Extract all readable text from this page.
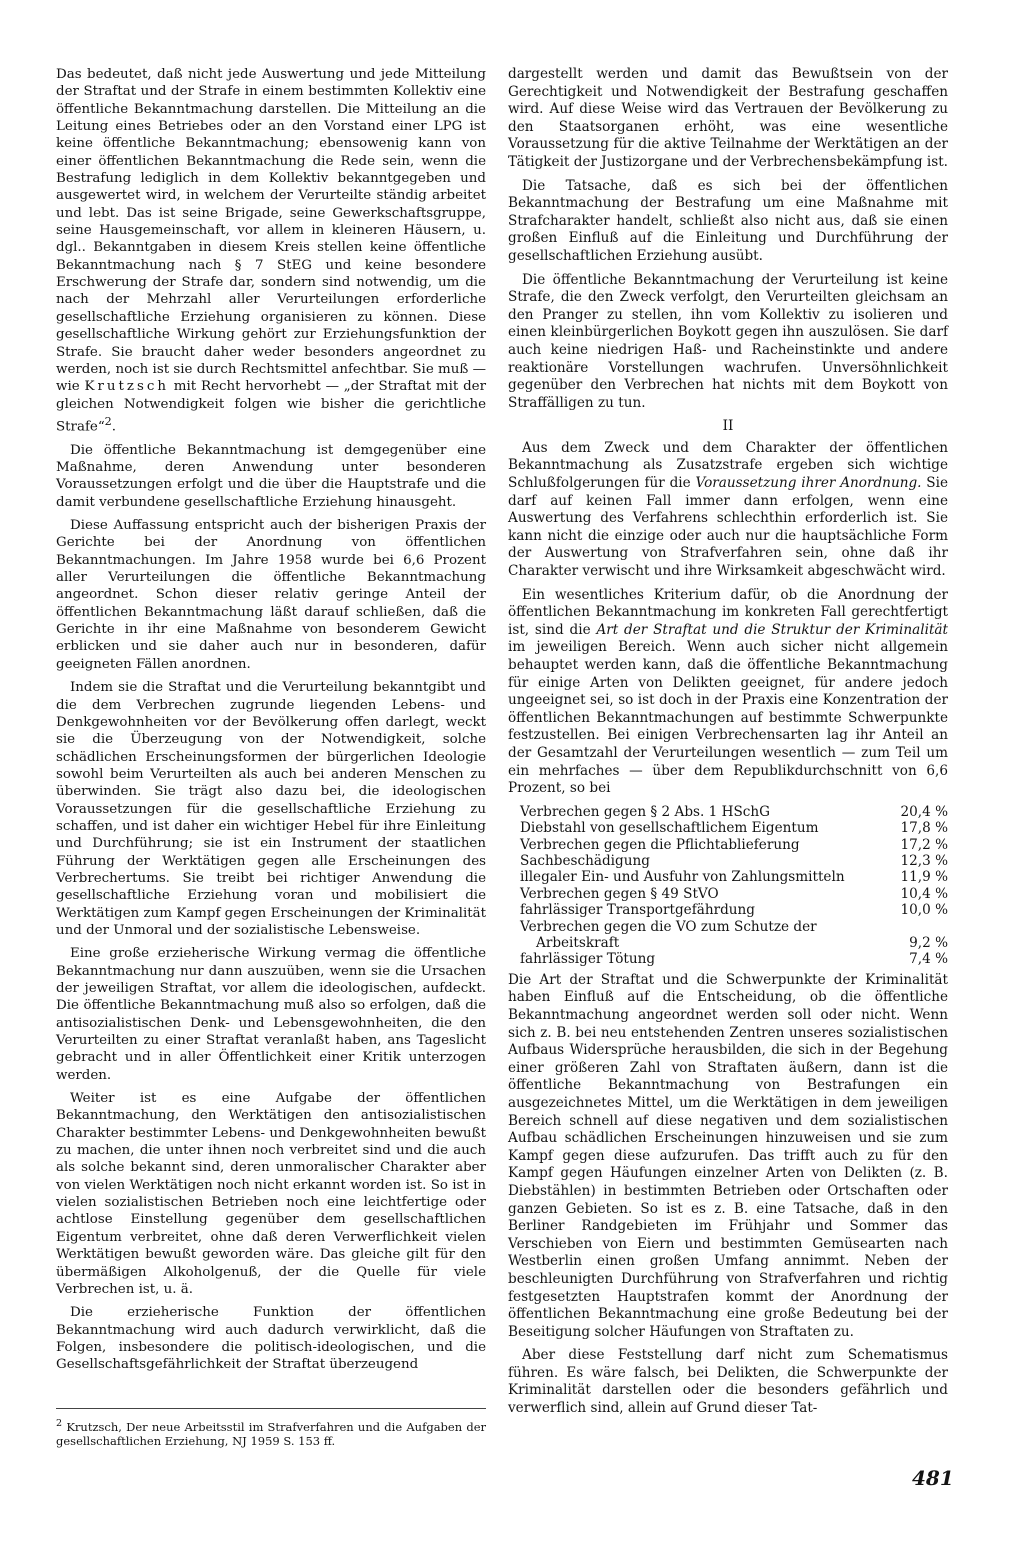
Das bedeutet, daß nicht jede Auswertung und jede Mitteilung der Straftat und der Strafe in einem bestimmten Kollektiv eine öffentliche Bekanntmachung darstellen. Die Mitteilung an die Leitung eines Betriebes oder an den Vorstand einer LPG ist keine öffentliche Bekanntmachung; ebensowenig kann von einer öffentlichen Bekanntmachung die Rede sein, wenn die Bestrafung lediglich in dem Kollektiv bekanntgegeben und ausgewertet wird, in welchem der Verurteilte ständig arbeitet und lebt. Das ist seine Brigade, seine Gewerkschaftsgruppe, seine Hausgemeinschaft, vor allem in kleineren Häusern, u. dgl.. Bekanntgaben in diesem Kreis stellen keine öffentliche Bekanntmachung nach § 7 StEG und keine besondere Erschwerung der Strafe dar, sondern sind notwendig, um die nach der Mehrzahl aller Verurteilungen erforderliche gesellschaftliche Erziehung organisieren zu können. Diese gesellschaftliche Wirkung gehört zur Erziehungsfunktion der Strafe. Sie braucht daher weder besonders angeordnet zu werden, noch ist sie durch Rechtsmittel anfechtbar. Sie muß — wie Krutzsch mit Recht hervorhebt — „der Straftat mit der gleichen Notwendigkeit folgen wie bisher die gerichtliche Strafe“$^2$.

Die öffentliche Bekanntmachung ist demgegenüber eine Maßnahme, deren Anwendung unter besonderen Voraussetzungen erfolgt und die über die Hauptstrafe und die damit verbundene gesellschaftliche Erziehung hinausgeht.

Diese Auffassung entspricht auch der bisherigen Praxis der Gerichte bei der Anordnung von öffentlichen Bekanntmachungen. Im Jahre 1958 wurde bei 6,6 Prozent aller Verurteilungen die öffentliche Bekanntmachung angeordnet. Schon dieser relativ geringe Anteil der öffentlichen Bekanntmachung läßt darauf schließen, daß die Gerichte in ihr eine Maßnahme von besonderem Gewicht erblicken und sie daher auch nur in besonderen, dafür geeigneten Fällen anordnen.

Indem sie die Straftat und die Verurteilung bekanntgibt und die dem Verbrechen zugrunde liegenden Lebens- und Denkgewohnheiten vor der Bevölkerung offen darlegt, weckt sie die Überzeugung von der Notwendigkeit, solche schädlichen Erscheinungsformen der bürgerlichen Ideologie sowohl beim Verurteilten als auch bei anderen Menschen zu überwinden. Sie trägt also dazu bei, die ideologischen Voraussetzungen für die gesellschaftliche Erziehung zu schaffen, und ist daher ein wichtiger Hebel für ihre Einleitung und Durchführung; sie ist ein Instrument der staatlichen Führung der Werktätigen gegen alle Erscheinungen des Verbrechertums. Sie treibt bei richtiger Anwendung die gesellschaftliche Erziehung voran und mobilisiert die Werktätigen zum Kampf gegen Erscheinungen der Kriminalität und der Unmoral und der sozialistische Lebensweise.

Eine große erzieherische Wirkung vermag die öffentliche Bekanntmachung nur dann auszuüben, wenn sie die Ursachen der jeweiligen Straftat, vor allem die ideologischen, aufdeckt. Die öffentliche Bekanntmachung muß also so erfolgen, daß die antisozialistischen Denk- und Lebensgewohnheiten, die den Verurteilten zu einer Straftat veranlaßt haben, ans Tageslicht gebracht und in aller Öffentlichkeit einer Kritik unterzogen werden.

Weiter ist es eine Aufgabe der öffentlichen Bekanntmachung, den Werktätigen den antisozialistischen Charakter bestimmter Lebens- und Denkgewohnheiten bewußt zu machen, die unter ihnen noch verbreitet sind und die auch als solche bekannt sind, deren unmoralischer Charakter aber von vielen Werktätigen noch nicht erkannt worden ist. So ist in vielen sozialistischen Betrieben noch eine leichtfertige oder achtlose Einstellung gegenüber dem gesellschaftlichen Eigentum verbreitet, ohne daß deren Verwerflichkeit vielen Werktätigen bewußt geworden wäre. Das gleiche gilt für den übermäßigen Alkoholgenuß, der die Quelle für viele Verbrechen ist, u. ä.

Die erzieherische Funktion der öffentlichen Bekanntmachung wird auch dadurch verwirklicht, daß die Folgen, insbesondere die politisch-ideologischen, und die Gesellschaftsgefährlichkeit der Straftat überzeugend

$^2$ Krutzsch, Der neue Arbeitsstil im Strafverfahren und die Aufgaben der gesellschaftlichen Erziehung, NJ 1959 S. 153 ff.

dargestellt werden und damit das Bewußtsein von der Gerechtigkeit und Notwendigkeit der Bestrafung geschaffen wird. Auf diese Weise wird das Vertrauen der Bevölkerung zu den Staatsorganen erhöht, was eine wesentliche Voraussetzung für die aktive Teilnahme der Werktätigen an der Tätigkeit der Justizorgane und der Verbrechensbekämpfung ist.

Die Tatsache, daß es sich bei der öffentlichen Bekanntmachung der Bestrafung um eine Maßnahme mit Strafcharakter handelt, schließt also nicht aus, daß sie einen großen Einfluß auf die Einleitung und Durchführung der gesellschaftlichen Erziehung ausübt.

Die öffentliche Bekanntmachung der Verurteilung ist keine Strafe, die den Zweck verfolgt, den Verurteilten gleichsam an den Pranger zu stellen, ihn vom Kollektiv zu isolieren und einen kleinbürgerlichen Boykott gegen ihn auszulösen. Sie darf auch keine niedrigen Haß- und Racheinstinkte und andere reaktionäre Vorstellungen wachrufen. Unversöhnlichkeit gegenüber den Verbrechen hat nichts mit dem Boykott von Straffälligen zu tun.

II

Aus dem Zweck und dem Charakter der öffentlichen Bekanntmachung als Zusatzstrafe ergeben sich wichtige Schlußfolgerungen für die Voraussetzung ihrer Anordnung. Sie darf auf keinen Fall immer dann erfolgen, wenn eine Auswertung des Verfahrens schlechthin erforderlich ist. Sie kann nicht die einzige oder auch nur die hauptsächliche Form der Auswertung von Strafverfahren sein, ohne daß ihr Charakter verwischt und ihre Wirksamkeit abgeschwächt wird.

Ein wesentliches Kriterium dafür, ob die Anordnung der öffentlichen Bekanntmachung im konkreten Fall gerechtfertigt ist, sind die Art der Straftat und die Struktur der Kriminalität im jeweiligen Bereich. Wenn auch sicher nicht allgemein behauptet werden kann, daß die öffentliche Bekanntmachung für einige Arten von Delikten geeignet, für andere jedoch ungeeignet sei, so ist doch in der Praxis eine Konzentration der öffentlichen Bekanntmachungen auf bestimmte Schwerpunkte festzustellen. Bei einigen Verbrechensarten lag ihr Anteil an der Gesamtzahl der Verurteilungen wesentlich — zum Teil um ein mehrfaches — über dem Republikdurchschnitt von 6,6 Prozent, so bei

Verbrechen gegen § 2 Abs. 1 HSchG	20,4 %
Diebstahl von gesellschaftlichem Eigentum	17,8 %
Verbrechen gegen die Pflichtablieferung	17,2 %
Sachbeschädigung	12,3 %
illegaler Ein- und Ausfuhr von Zahlungsmitteln	11,9 %
Verbrechen gegen § 49 StVO	10,4 %
fahrlässiger Transportgefährdung	10,0 %
Verbrechen gegen die VO zum Schutze der	
Arbeitskraft	9,2 %
fahrlässiger Tötung	7,4 %

Die Art der Straftat und die Schwerpunkte der Kriminalität haben Einfluß auf die Entscheidung, ob die öffentliche Bekanntmachung angeordnet werden soll oder nicht. Wenn sich z. B. bei neu entstehenden Zentren unseres sozialistischen Aufbaus Widersprüche herausbilden, die sich in der Begehung einer größeren Zahl von Straftaten äußern, dann ist die öffentliche Bekanntmachung von Bestrafungen ein ausgezeichnetes Mittel, um die Werktätigen in dem jeweiligen Bereich schnell auf diese negativen und dem sozialistischen Aufbau schädlichen Erscheinungen hinzuweisen und sie zum Kampf gegen diese aufzurufen. Das trifft auch zu für den Kampf gegen Häufungen einzelner Arten von Delikten (z. B. Diebstählen) in bestimmten Betrieben oder Ortschaften oder ganzen Gebieten. So ist es z. B. eine Tatsache, daß in den Berliner Randgebieten im Frühjahr und Sommer das Verschieben von Eiern und bestimmten Gemüsearten nach Westberlin einen großen Umfang annimmt. Neben der beschleunigten Durchführung von Strafverfahren und richtig festgesetzten Hauptstrafen kommt der Anordnung der öffentlichen Bekanntmachung eine große Bedeutung bei der Beseitigung solcher Häufungen von Straftaten zu.

Aber diese Feststellung darf nicht zum Schematismus führen. Es wäre falsch, bei Delikten, die Schwerpunkte der Kriminalität darstellen oder die besonders gefährlich und verwerflich sind, allein auf Grund dieser Tat-

481
